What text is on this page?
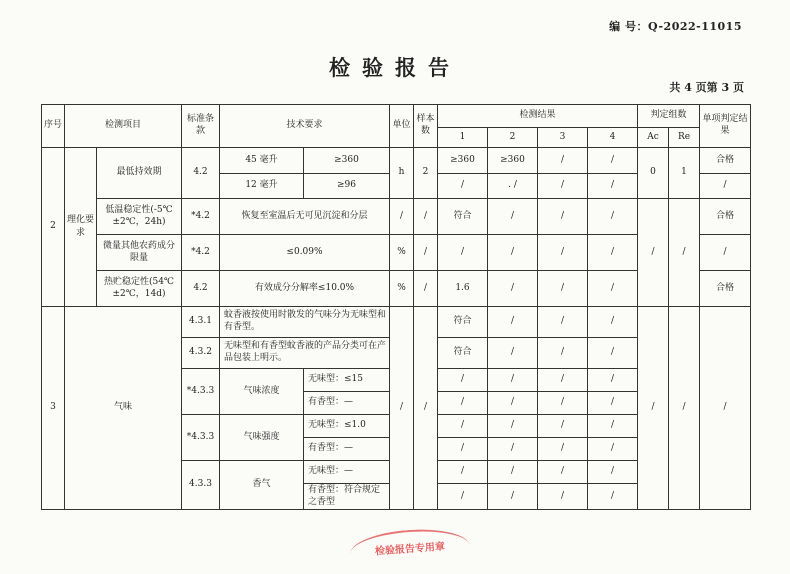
编 号：Q-2022-11015
检验报告
共 4 页第 3 页
序号	检测项目		标准条款	技术要求		单位	样本数	检测结果				判定组数		单项判定结果
								1	2	3	4	Ac	Re	
2	理化要求	最低持效期	4.2	45 毫升	≥360	h	2	≥360	≥360	/	/	0	1	合格
				12 毫升	≥96			/	. /	/	/			/
		低温稳定性(-5℃±2℃，24h)	*4.2	恢复至室温后无可见沉淀和分层		/	/	符合	/	/	/	/	/	合格
		微量其他农药成分限量	*4.2	≤0.09%		%	/	/	/	/	/			/
		热贮稳定性(54℃±2℃，14d)	4.2	有效成分分解率≤10.0%		%	/	1.6	/	/	/			合格

3	气味		4.3.1	蚊香液按使用时散发的气味分为无味型和有香型。		/	/	符合	/	/	/	/	/	/
			4.3.2	无味型和有香型蚊香液的产品分类可在产品包装上明示。				符合	/	/	/			
			*4.3.3	气味浓度	无味型：≤15			/	/	/	/			
					有香型：—			/	/	/	/			
			*4.3.3	气味强度	无味型：≤1.0			/	/	/	/			
					有香型：—			/	/	/	/			
			4.3.3	香气	无味型：—			/	/	/	/			
					有香型：符合规定之香型			/	/	/	/			
检验报告专用章
